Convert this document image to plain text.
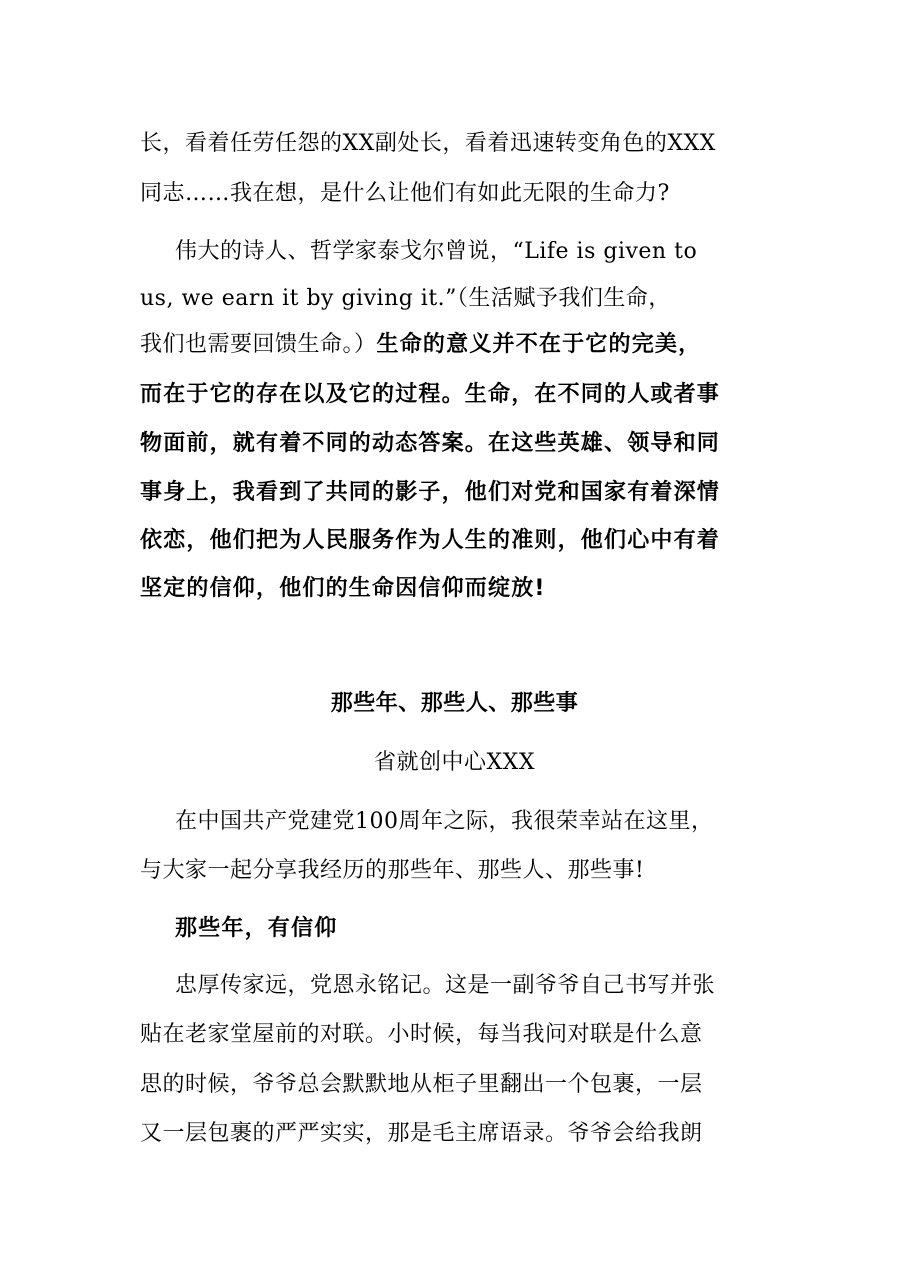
长，看着任劳任怨的XX副处长，看着迅速转变角色的XXX
同志……我在想，是什么让他们有如此无限的生命力?
伟大的诗人、哲学家泰戈尔曾说，“Life is given to
us, we earn it by giving it.”（生活赋予我们生命，
我们也需要回馈生命。）生命的意义并不在于它的完美，
而在于它的存在以及它的过程。生命，在不同的人或者事
物面前，就有着不同的动态答案。在这些英雄、领导和同
事身上，我看到了共同的影子，他们对党和国家有着深情
依恋，他们把为人民服务作为人生的准则，他们心中有着
坚定的信仰，他们的生命因信仰而绽放!
那些年、那些人、那些事
省就创中心XXX
在中国共产党建党100周年之际，我很荣幸站在这里，
与大家一起分享我经历的那些年、那些人、那些事!
那些年，有信仰
忠厚传家远，党恩永铭记。这是一副爷爷自己书写并张
贴在老家堂屋前的对联。小时候，每当我问对联是什么意
思的时候，爷爷总会默默地从柜子里翻出一个包裹，一层
又一层包裹的严严实实，那是毛主席语录。爷爷会给我朗
